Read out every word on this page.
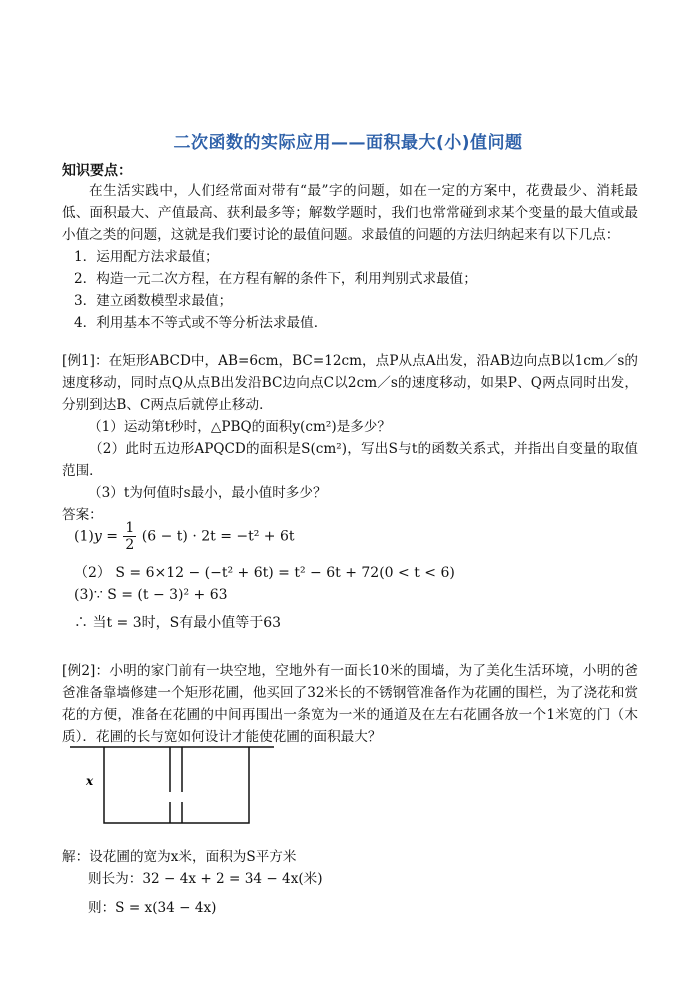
二次函数的实际应用——面积最大(小)值问题
知识要点：

在生活实践中，人们经常面对带有“最”字的问题，如在一定的方案中，花费最少、消耗最低、面积最大、产值最高、获利最多等；解数学题时，我们也常常碰到求某个变量的最大值或最小值之类的问题，这就是我们要讨论的最值问题。求最值的问题的方法归纳起来有以下几点：

1．运用配方法求最值；
2．构造一元二次方程，在方程有解的条件下，利用判别式求最值；
3．建立函数模型求最值；
4．利用基本不等式或不等分析法求最值．

[例1]：在矩形ABCD中，AB=6cm，BC=12cm，点P从点A出发，沿AB边向点B以1cm／s的速度移动，同时点Q从点B出发沿BC边向点C以2cm／s的速度移动，如果P、Q两点同时出发，分别到达B、C两点后就停止移动．

（1）运动第t秒时，△PBQ的面积y(cm²)是多少？

（2）此时五边形APQCD的面积是S(cm²)，写出S与t的函数关系式，并指出自变量的取值范围．

（3）t为何值时s最小，最小值时多少？
答案：
$(1)y = \frac{1}{2} (6 - t) \cdot 2t = -t^2 + 6t$
（2） S = 6×12 − (−t² + 6t) = t² − 6t + 72(0 < t < 6)
(3)∵ S = (t − 3)² + 63
∴ 当t = 3时，S有最小值等于63

[例2]：小明的家门前有一块空地，空地外有一面长10米的围墙，为了美化生活环境，小明的爸爸准备靠墙修建一个矩形花圃，他买回了32米长的不锈钢管准备作为花圃的围栏，为了浇花和赏花的方便，准备在花圃的中间再围出一条宽为一米的通道及在左右花圃各放一个1米宽的门（木质）．花圃的长与宽如何设计才能使花圃的面积最大？

x
解：设花圃的宽为x米，面积为S平方米
则长为：32 − 4x + 2 = 34 − 4x(米)
则：S = x(34 − 4x)
